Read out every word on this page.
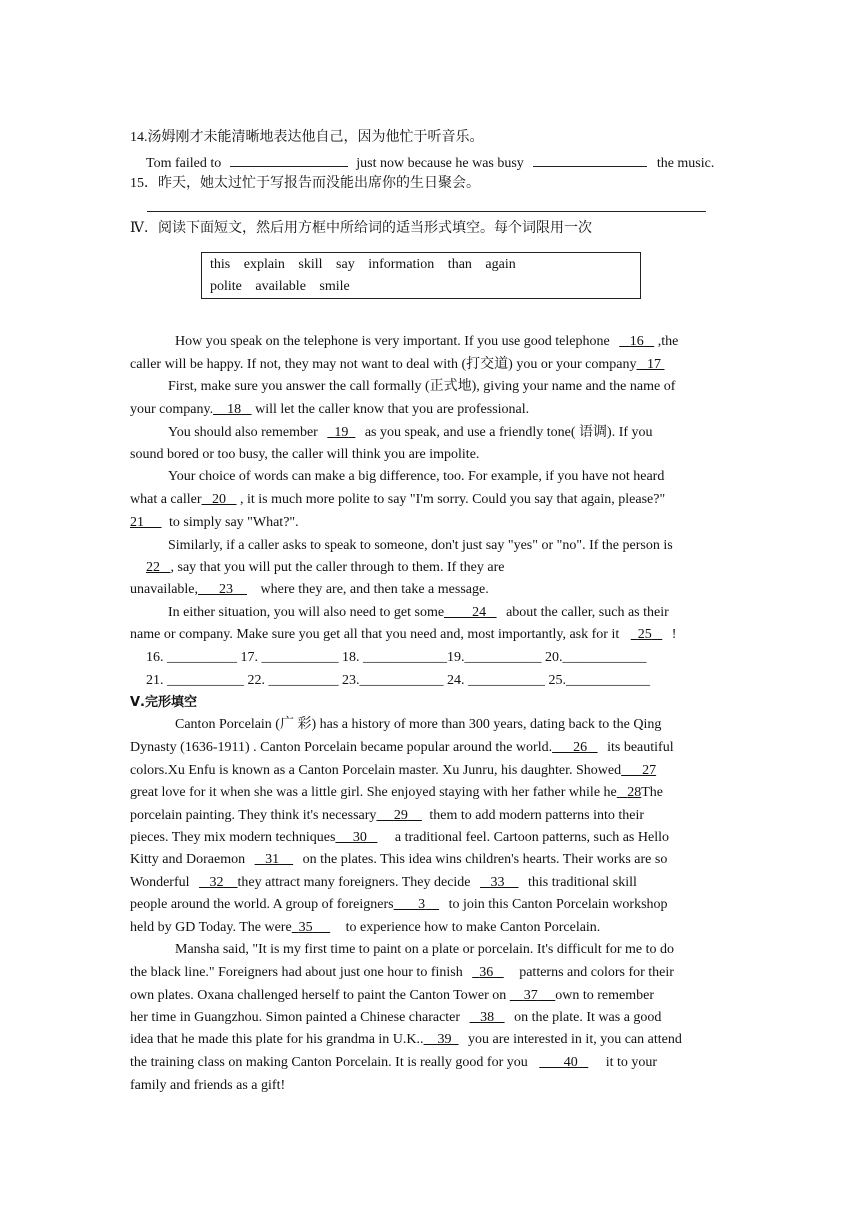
14.汤姆刚才未能清晰地表达他自己，因为他忙于听音乐。
Tom failed to	just now because he was busy	the music.
15．昨天，她太过忙于写报告而没能出席你的生日聚会。
Ⅳ．阅读下面短文，然后用方框中所给词的适当形式填空。每个词限用一次
this explain skill say information than again
polite available smile
How you speak on the telephone is very important. If you use good telephone 16 ,the
caller will be happy. If not, they may not want to deal with (打交道) you or your company 17
First, make sure you answer the call formally (正式地), giving your name and the name of
your company. 18 will let the caller know that you are professional.
You should also remember 19 as you speak, and use a friendly tone( 语调). If you
sound bored or too busy, the caller will think you are impolite.
Your choice of words can make a big difference, too. For example, if you have not heard
what a caller 20 , it is much more polite to say "I'm sorry. Could you say that again, please?"
21 to simply say "What?".
Similarly, if a caller asks to speak to someone, don't just say "yes" or "no". If the person is
22 , say that you will put the caller through to them. If they are
unavailable, 23 where they are, and then take a message.
In either situation, you will also need to get some 24 about the caller, such as their
name or company. Make sure you get all that you need and, most importantly, ask for it 25 !
16. __________ 17. ___________ 18. ____________19.___________ 20.____________
21. ___________ 22. __________ 23.____________ 24. ___________ 25.____________
Ⅴ.完形填空
Canton Porcelain (广 彩) has a history of more than 300 years, dating back to the Qing
Dynasty (1636-1911) . Canton Porcelain became popular around the world. 26 its beautiful
colors.Xu Enfu is known as a Canton Porcelain master. Xu Junru, his daughter. Showed 27
great love for it when she was a little girl. She enjoyed staying with her father while he 28The
porcelain painting. They think it's necessary 29 them to add modern patterns into their
pieces. They mix modern techniques 30 a traditional feel. Cartoon patterns, such as Hello
Kitty and Doraemon 31 on the plates. This idea wins children's hearts. Their works are so
Wonderful 32 they attract many foreigners. They decide 33 this traditional skill
people around the world. A group of foreigners 3 to join this Canton Porcelain workshop
held by GD Today. The were 35 to experience how to make Canton Porcelain.
Mansha said, "It is my first time to paint on a plate or porcelain. It's difficult for me to do
the black line." Foreigners had about just one hour to finish 36 patterns and colors for their
own plates. Oxana challenged herself to paint the Canton Tower on 37 own to remember
her time in Guangzhou. Simon painted a Chinese character 38 on the plate. It was a good
idea that he made this plate for his grandma in U.K.. 39 you are interested in it, you can attend
the training class on making Canton Porcelain. It is really good for you	40 it to your
family and friends as a gift!
